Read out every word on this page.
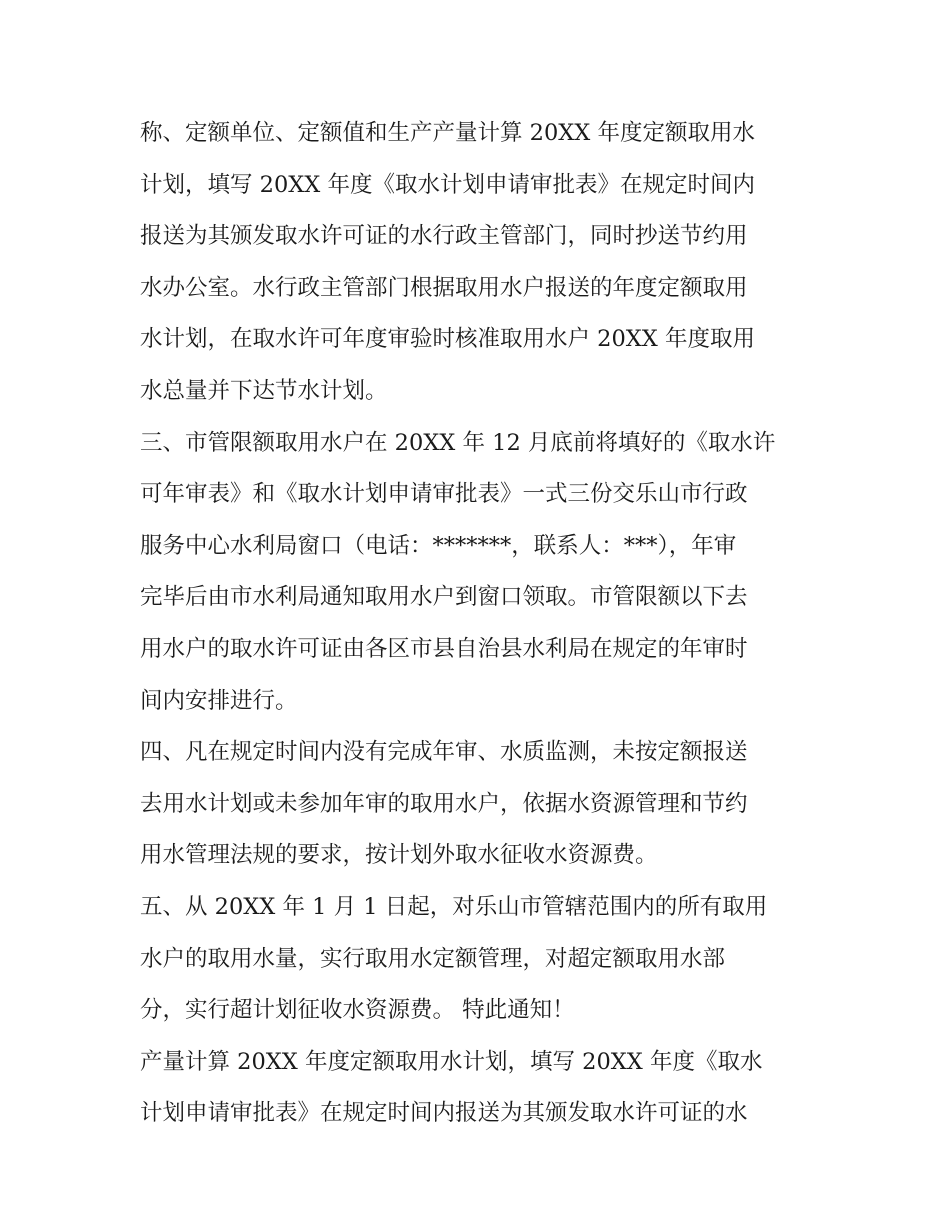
称、定额单位、定额值和生产产量计算 20XX 年度定额取用水
计划，填写 20XX 年度《取水计划申请审批表》在规定时间内
报送为其颁发取水许可证的水行政主管部门，同时抄送节约用
水办公室。水行政主管部门根据取用水户报送的年度定额取用
水计划，在取水许可年度审验时核准取用水户 20XX 年度取用
水总量并下达节水计划。
三、市管限额取用水户在 20XX 年 12 月底前将填好的《取水许
可年审表》和《取水计划申请审批表》一式三份交乐山市行政
服务中心水利局窗口（电话：*******，联系人：***），年审
完毕后由市水利局通知取用水户到窗口领取。市管限额以下去
用水户的取水许可证由各区市县自治县水利局在规定的年审时
间内安排进行。
四、凡在规定时间内没有完成年审、水质监测，未按定额报送
去用水计划或未参加年审的取用水户，依据水资源管理和节约
用水管理法规的要求，按计划外取水征收水资源费。
五、从 20XX 年 1 月 1 日起，对乐山市管辖范围内的所有取用
水户的取用水量，实行取用水定额管理，对超定额取用水部
分，实行超计划征收水资源费。 特此通知！
产量计算 20XX 年度定额取用水计划，填写 20XX 年度《取水
计划申请审批表》在规定时间内报送为其颁发取水许可证的水
